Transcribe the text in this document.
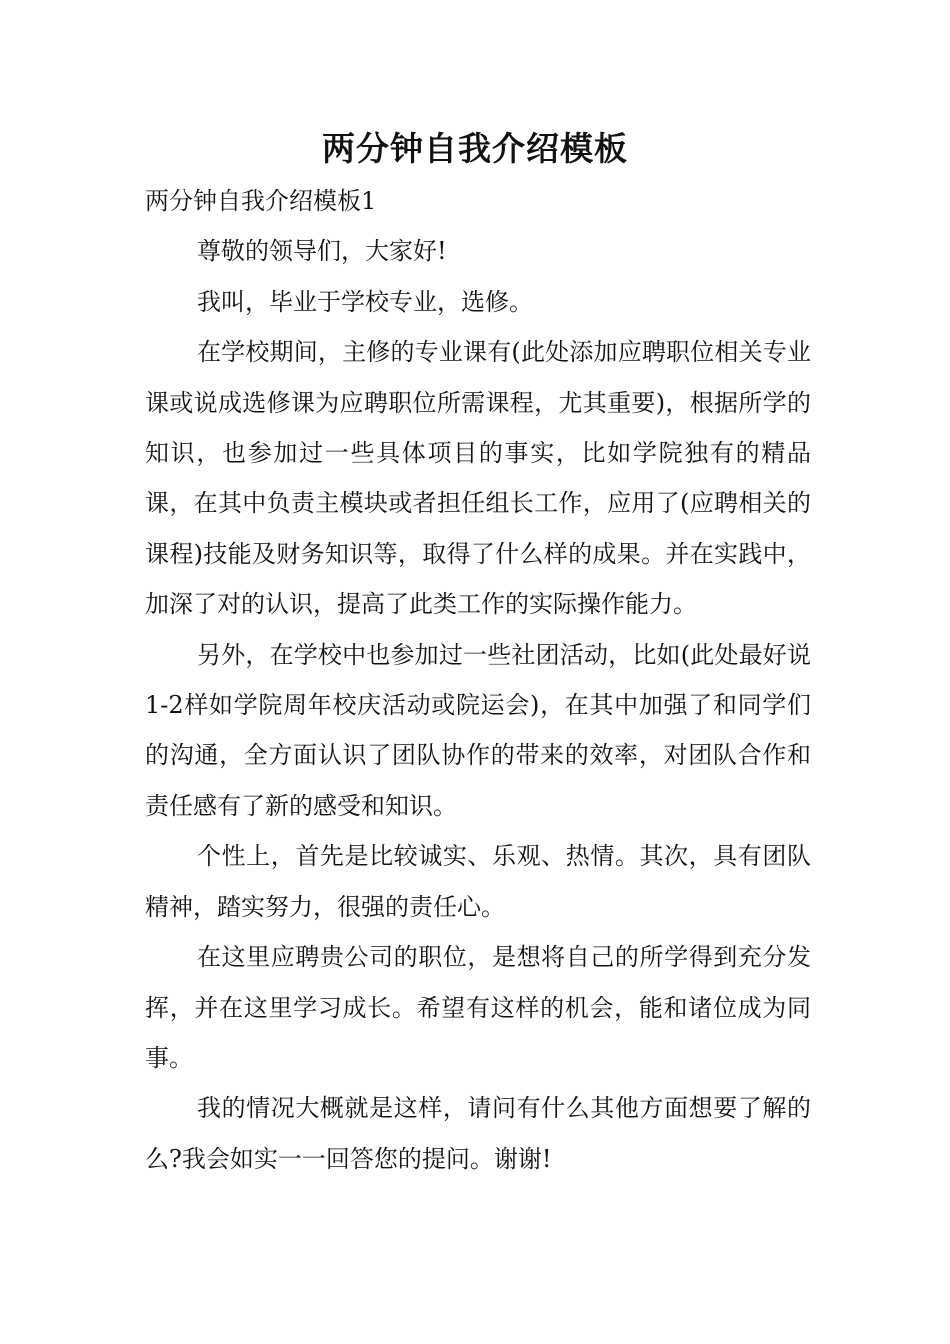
两分钟自我介绍模板

两分钟自我介绍模板1

尊敬的领导们，大家好!

我叫，毕业于学校专业，选修。

在学校期间，主修的专业课有(此处添加应聘职位相关专业课或说成选修课为应聘职位所需课程，尤其重要)，根据所学的知识，也参加过一些具体项目的事实，比如学院独有的精品课，在其中负责主模块或者担任组长工作，应用了(应聘相关的课程)技能及财务知识等，取得了什么样的成果。并在实践中，加深了对的认识，提高了此类工作的实际操作能力。

另外，在学校中也参加过一些社团活动，比如(此处最好说1-2样如学院周年校庆活动或院运会)，在其中加强了和同学们的沟通，全方面认识了团队协作的带来的效率，对团队合作和责任感有了新的感受和知识。

个性上，首先是比较诚实、乐观、热情。其次，具有团队精神，踏实努力，很强的责任心。

在这里应聘贵公司的职位，是想将自己的所学得到充分发挥，并在这里学习成长。希望有这样的机会，能和诸位成为同事。

我的情况大概就是这样，请问有什么其他方面想要了解的么?我会如实一一回答您的提问。谢谢!
